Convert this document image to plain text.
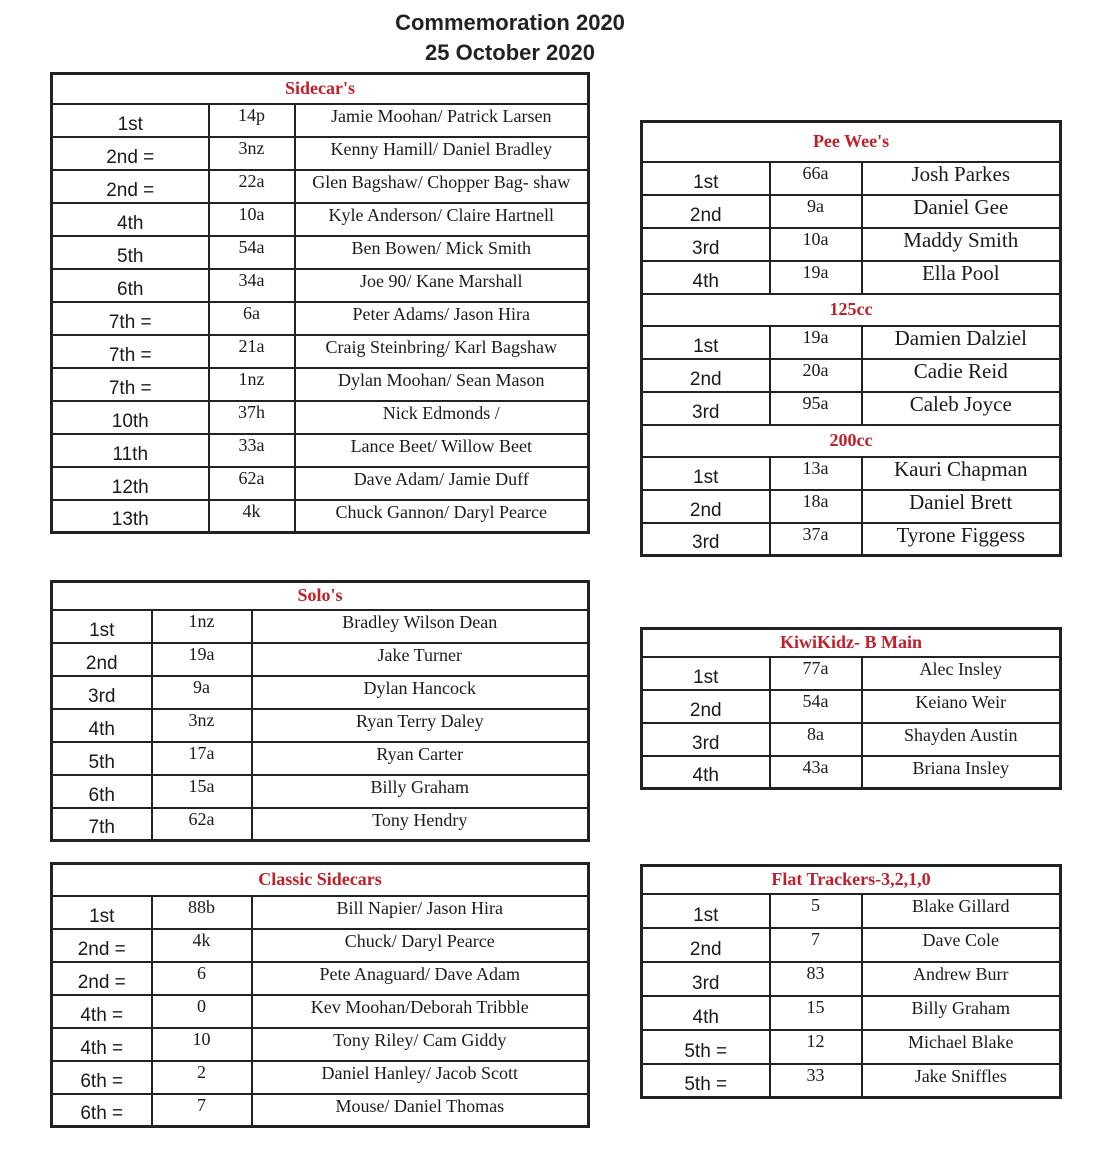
Commemoration 2020
25 October 2020
Sidecar's		
1st	14p	Jamie Moohan/ Patrick Larsen
2nd =	3nz	Kenny Hamill/ Daniel Bradley
2nd =	22a	Glen Bagshaw/ Chopper Bag- shaw
4th	10a	Kyle Anderson/ Claire Hartnell
5th	54a	Ben Bowen/ Mick Smith
6th	34a	Joe 90/ Kane Marshall
7th =	6a	Peter Adams/ Jason Hira
7th =	21a	Craig Steinbring/ Karl Bagshaw
7th =	1nz	Dylan Moohan/ Sean Mason
10th	37h	Nick Edmonds /
11th	33a	Lance Beet/ Willow Beet
12th	62a	Dave Adam/ Jamie Duff
13th	4k	Chuck Gannon/ Daryl Pearce
Pee Wee's		
1st	66a	Josh Parkes
2nd	9a	Daniel Gee
3rd	10a	Maddy Smith
4th	19a	Ella Pool
125cc		
1st	19a	Damien Dalziel
2nd	20a	Cadie Reid
3rd	95a	Caleb Joyce
200cc		
1st	13a	Kauri Chapman
2nd	18a	Daniel Brett
3rd	37a	Tyrone Figgess
Solo's		
1st	1nz	Bradley Wilson Dean
2nd	19a	Jake Turner
3rd	9a	Dylan Hancock
4th	3nz	Ryan Terry Daley
5th	17a	Ryan Carter
6th	15a	Billy Graham
7th	62a	Tony Hendry
KiwiKidz- B Main		
1st	77a	Alec Insley
2nd	54a	Keiano Weir
3rd	8a	Shayden Austin
4th	43a	Briana Insley
Classic Sidecars		
1st	88b	Bill Napier/ Jason Hira
2nd =	4k	Chuck/ Daryl Pearce
2nd =	6	Pete Anaguard/ Dave Adam
4th =	0	Kev Moohan/Deborah Tribble
4th =	10	Tony Riley/ Cam Giddy
6th =	2	Daniel Hanley/ Jacob Scott
6th =	7	Mouse/ Daniel Thomas
Flat Trackers-3,2,1,0		
1st	5	Blake Gillard
2nd	7	Dave Cole
3rd	83	Andrew Burr
4th	15	Billy Graham
5th =	12	Michael Blake
5th =	33	Jake Sniffles
